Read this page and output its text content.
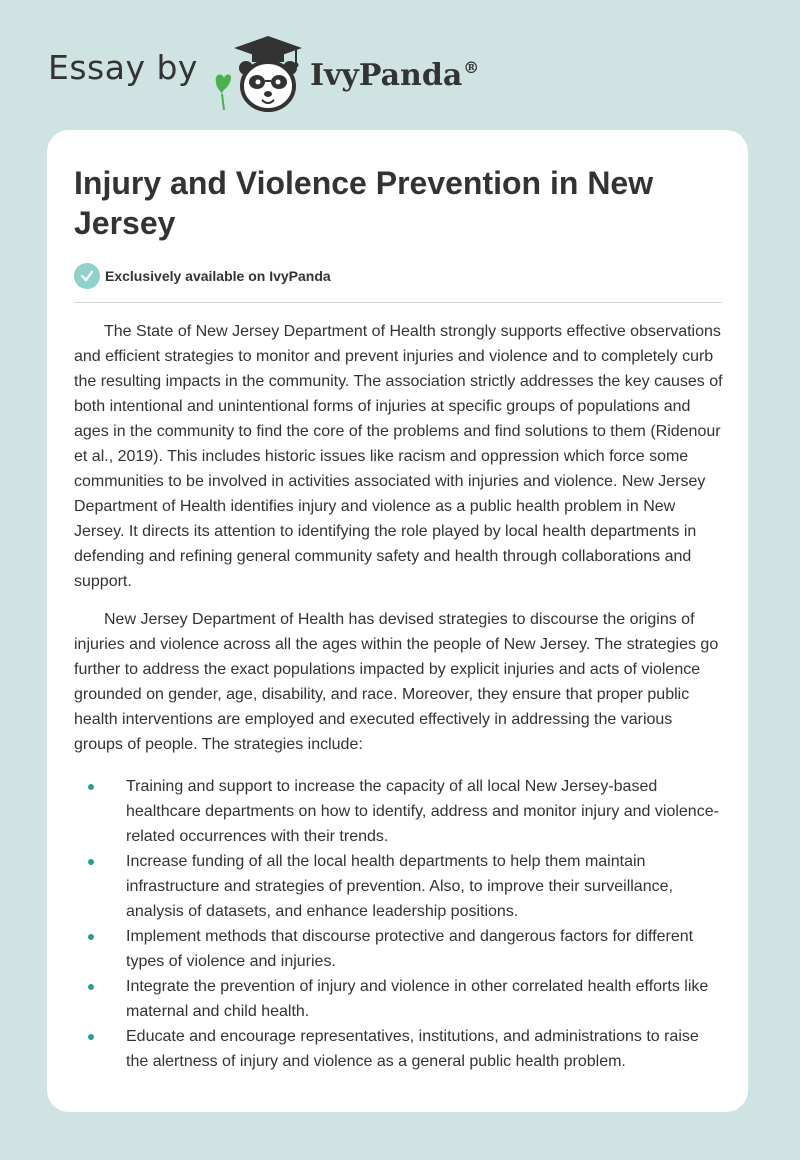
Essay by	IvyPanda®
Injury and Violence Prevention in New Jersey
Exclusively available on IvyPanda

The State of New Jersey Department of Health strongly supports effective observations and efficient strategies to monitor and prevent injuries and violence and to completely curb the resulting impacts in the community. The association strictly addresses the key causes of both intentional and unintentional forms of injuries at specific groups of populations and ages in the community to find the core of the problems and find solutions to them (Ridenour et al., 2019). This includes historic issues like racism and oppression which force some communities to be involved in activities associated with injuries and violence. New Jersey Department of Health identifies injury and violence as a public health problem in New Jersey. It directs its attention to identifying the role played by local health departments in defending and refining general community safety and health through collaborations and support.

New Jersey Department of Health has devised strategies to discourse the origins of injuries and violence across all the ages within the people of New Jersey. The strategies go further to address the exact populations impacted by explicit injuries and acts of violence grounded on gender, age, disability, and race. Moreover, they ensure that proper public health interventions are employed and executed effectively in addressing the various groups of people. The strategies include:

Training and support to increase the capacity of all local New Jersey-based healthcare departments on how to identify, address and monitor injury and violence-related occurrences with their trends.
Increase funding of all the local health departments to help them maintain infrastructure and strategies of prevention. Also, to improve their surveillance, analysis of datasets, and enhance leadership positions.
Implement methods that discourse protective and dangerous factors for different types of violence and injuries.
Integrate the prevention of injury and violence in other correlated health efforts like maternal and child health.
Educate and encourage representatives, institutions, and administrations to raise the alertness of injury and violence as a general public health problem.
